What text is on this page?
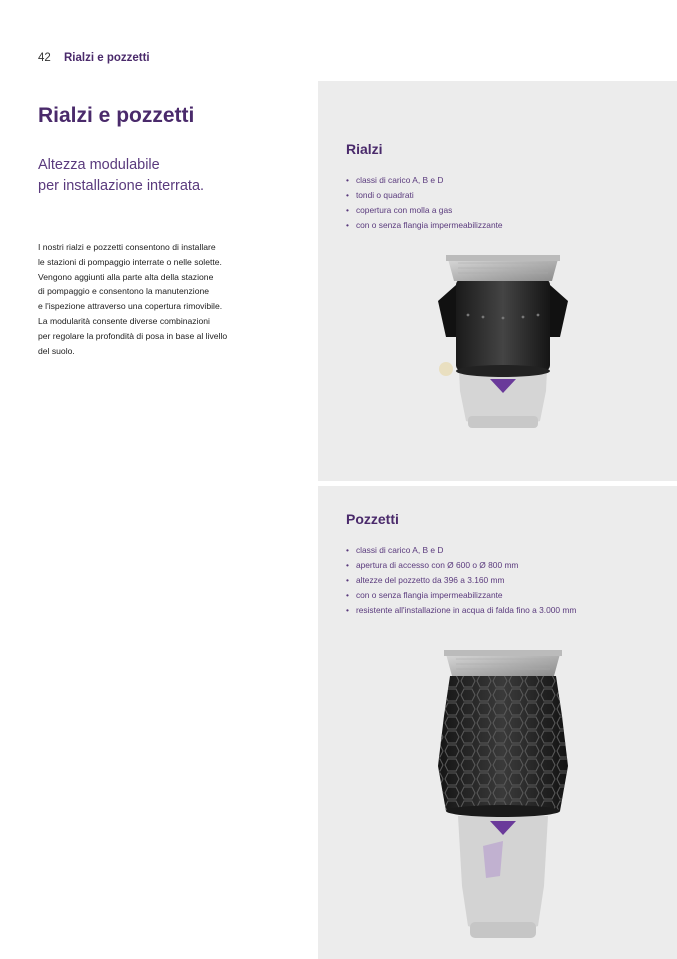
42 Rialzi e pozzetti
Rialzi e pozzetti
Altezza modulabile
per installazione interrata.
I nostri rialzi e pozzetti consentono di installare
le stazioni di pompaggio interrate o nelle solette.
Vengono aggiunti alla parte alta della stazione
di pompaggio e consentono la manutenzione
e l'ispezione attraverso una copertura rimovibile.
La modularità consente diverse combinazioni
per regolare la profondità di posa in base al livello
del suolo.
Rialzi
• classi di carico A, B e D
• tondi o quadrati
• copertura con molla a gas
• con o senza flangia impermeabilizzante
Pozzetti
• classi di carico A, B e D
• apertura di accesso con Ø 600 o Ø 800 mm
• altezze del pozzetto da 396 a 3.160 mm
• con o senza flangia impermeabilizzante
• resistente all'installazione in acqua di falda fino a 3.000 mm
